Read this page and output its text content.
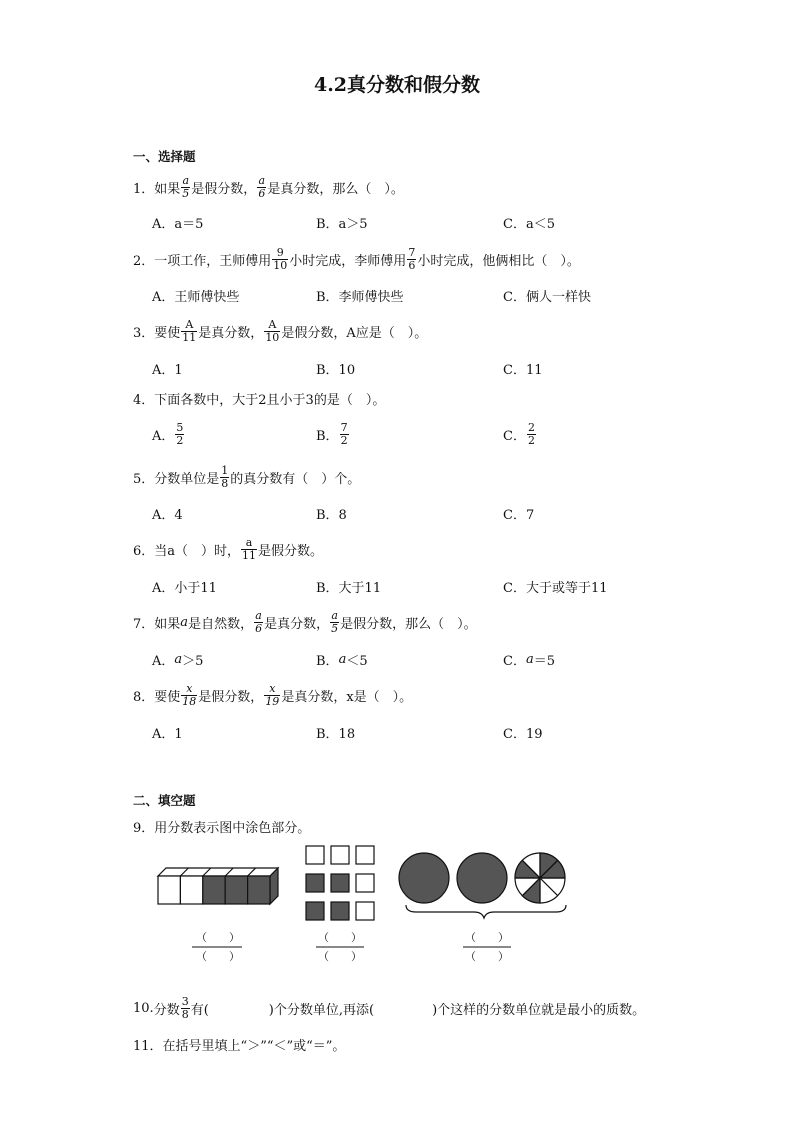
4.2真分数和假分数
一、选择题
1． 如果 $\frac{a}{5}$ 是假分数， $\frac{a}{6}$ 是真分数，那么（　）。
A．a＝5	B．a＞5	C．a＜5
2． 一项工作，王师傅用 $\frac{9}{10}$ 小时完成，李师傅用 $\frac{7}{6}$ 小时完成，他俩相比（　）。
A．王师傅快些	B．李师傅快些	C．俩人一样快
3． 要使 $\frac{A}{11}$ 是真分数， $\frac{A}{10}$ 是假分数，A应是（　）。
A．1	B．10	C．11
4． 下面各数中，大于2且小于3的是（　）。
A． $\frac{5}{2}$	B． $\frac{7}{2}$	C． $\frac{2}{2}$
5． 分数单位是 $\frac{1}{8}$ 的真分数有（　）个。
A．4	B．8	C．7
6． 当a（　）时， $\frac{a}{11}$ 是假分数。
A．小于11	B．大于11	C．大于或等于11
7． 如果 a 是自然数， $\frac{a}{6}$ 是真分数， $\frac{a}{5}$ 是假分数，那么（　）。
A． a ＞5	B． a ＜5	C． a ＝5
8． 要使 $\frac{x}{18}$ 是假分数， $\frac{x}{19}$ 是真分数，x是（　）。
A．1	B．18	C．19
二、填空题
9． 用分数表示图中涂色部分。
（　　）
（　　）
（　　）
（　　）
（　　）
（　　）
10. 分数 $\frac{3}{8}$ 有(	)个分数单位,再添(	)个这样的分数单位就是最小的质数。
11． 在括号里填上“＞”“＜”或“＝”。
